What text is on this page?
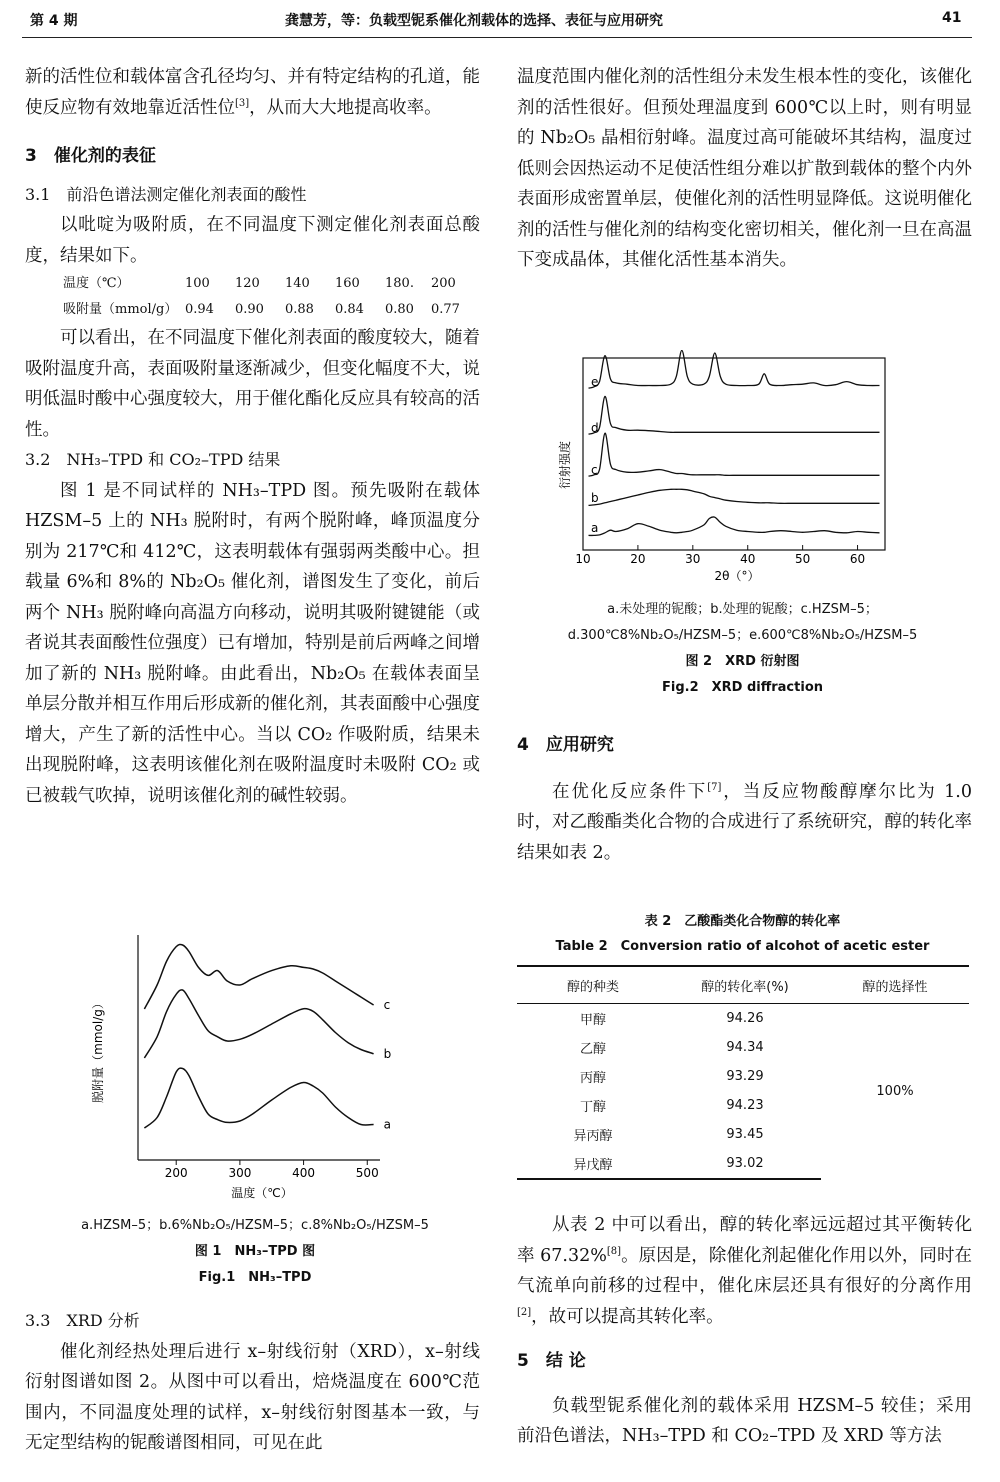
第 4 期	龚慧芳，等：负载型铌系催化剂载体的选择、表征与应用研究	41

新的活性位和载体富含孔径均匀、并有特定结构的孔道，能使反应物有效地靠近活性位[3]，从而大大地提高收率。

3　催化剂的表征
3.1　前沿色谱法测定催化剂表面的酸性

以吡啶为吸附质，在不同温度下测定催化剂表面总酸度，结果如下。

温度（℃）	100	120	140	160	180.	200
吸附量（mmol/g）	0.94	0.90	0.88	0.84	0.80	0.77

可以看出，在不同温度下催化剂表面的酸度较大，随着吸附温度升高，表面吸附量逐渐减少，但变化幅度不大，说明低温时酸中心强度较大，用于催化酯化反应具有较高的活性。

3.2　NH₃–TPD 和 CO₂–TPD 结果

图 1 是不同试样的 NH₃–TPD 图。预先吸附在载体 HZSM–5 上的 NH₃ 脱附时，有两个脱附峰，峰顶温度分别为 217℃和 412℃，这表明载体有强弱两类酸中心。担载量 6%和 8%的 Nb₂O₅ 催化剂，谱图发生了变化，前后两个 NH₃ 脱附峰向高温方向移动，说明其吸附键键能（或者说其表面酸性位强度）已有增加，特别是前后两峰之间增加了新的 NH₃ 脱附峰。由此看出，Nb₂O₅ 在载体表面呈单层分散并相互作用后形成新的催化剂，其表面酸中心强度增大，产生了新的活性中心。当以 CO₂ 作吸附质，结果未出现脱附峰，这表明该催化剂在吸附温度时未吸附 CO₂ 或已被载气吹掉，说明该催化剂的碱性较弱。

200	300	400	500
a
b
c
脱附量（mmol/g）
温度（℃）
a.HZSM–5；b.6%Nb₂O₅/HZSM–5；c.8%Nb₂O₅/HZSM–5
图 1　NH₃–TPD 图
Fig.1　NH₃–TPD
3.3　XRD 分析

催化剂经热处理后进行 x–射线衍射（XRD），x–射线衍射图谱如图 2。从图中可以看出，焙烧温度在 600℃范围内，不同温度处理的试样，x–射线衍射图基本一致，与无定型结构的铌酸谱图相同，可见在此

温度范围内催化剂的活性组分未发生根本性的变化，该催化剂的活性很好。但预处理温度到 600℃以上时，则有明显的 Nb₂O₅ 晶相衍射峰。温度过高可能破坏其结构，温度过低则会因热运动不足使活性组分难以扩散到载体的整个内外表面形成密置单层，使催化剂的活性明显降低。这说明催化剂的活性与催化剂的结构变化密切相关，催化剂一旦在高温下变成晶体，其催化活性基本消失。

10	20	30	40	50	60
a
b
c
d
e
衍射强度
2θ（°）
a.未处理的铌酸；b.处理的铌酸；c.HZSM–5；
d.300℃8%Nb₂O₅/HZSM–5；e.600℃8%Nb₂O₅/HZSM–5
图 2　XRD 衍射图
Fig.2　XRD diffraction
4　应用研究

在优化反应条件下[7]，当反应物酸醇摩尔比为 1.0 时，对乙酸酯类化合物的合成进行了系统研究，醇的转化率结果如表 2。

表 2　乙酸酯类化合物醇的转化率
Table 2　Conversion ratio of alcohot of acetic ester
醇的种类	醇的转化率(%)	醇的选择性
甲醇	94.26	100%
乙醇	94.34	
丙醇	93.29	
丁醇	94.23	
异丙醇	93.45	
异戊醇	93.02	

从表 2 中可以看出，醇的转化率远远超过其平衡转化率 67.32%[8]。原因是，除催化剂起催化作用以外，同时在气流单向前移的过程中，催化床层还具有很好的分离作用[2]，故可以提高其转化率。

5　结 论

负载型铌系催化剂的载体采用 HZSM–5 较佳；采用前沿色谱法，NH₃–TPD 和 CO₂–TPD 及 XRD 等方法
